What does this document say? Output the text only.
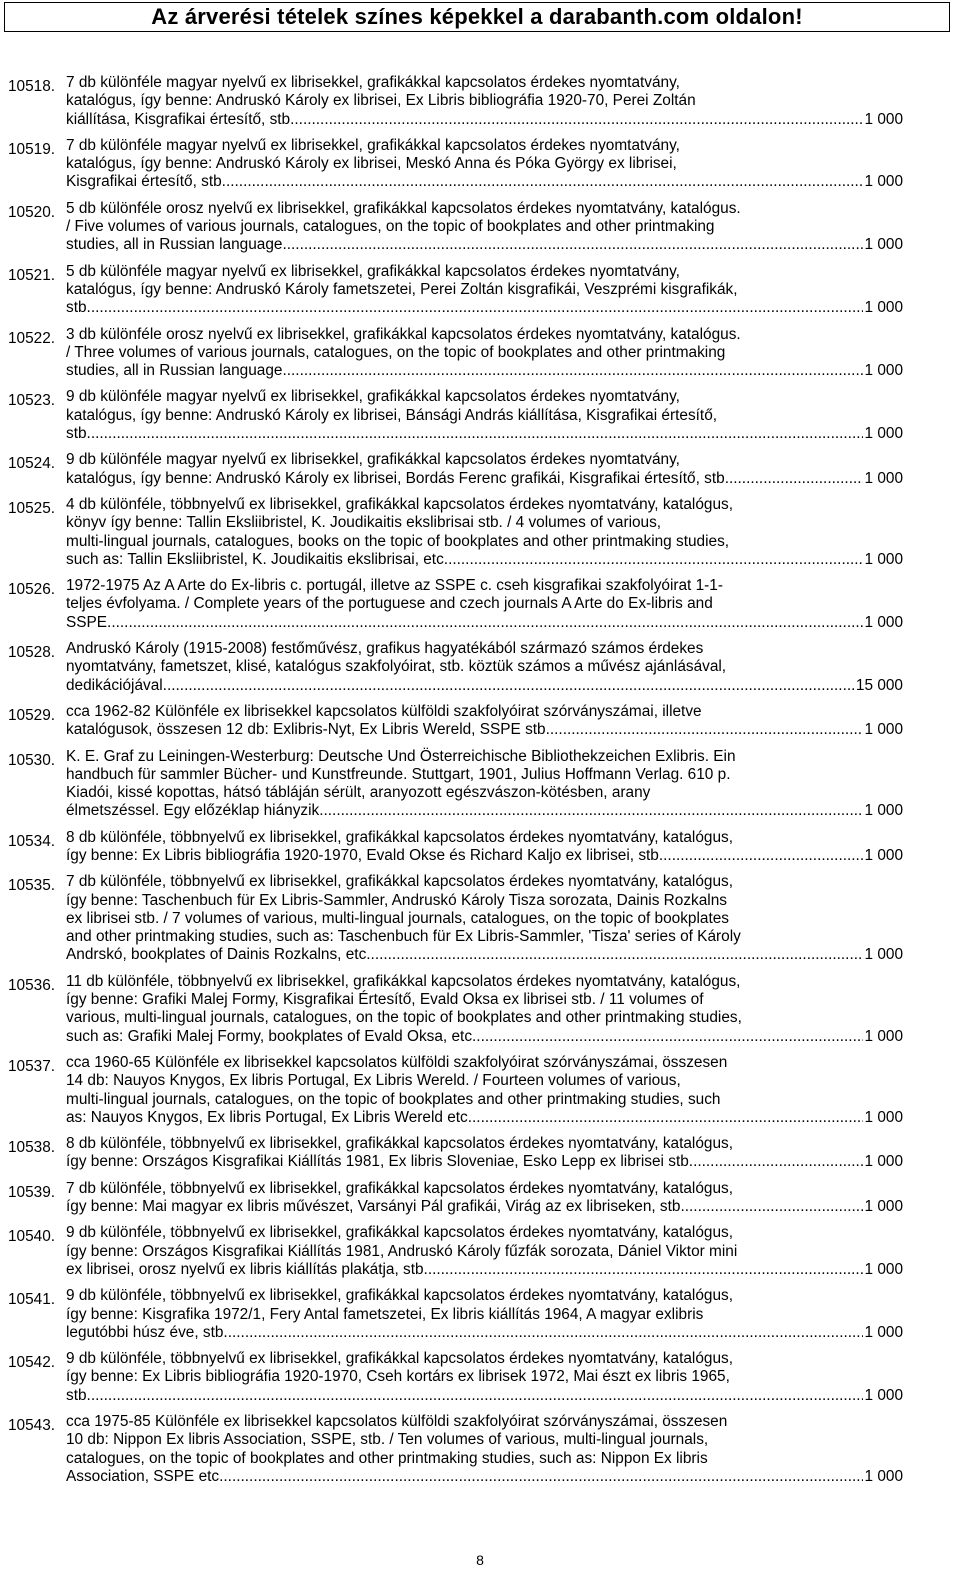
Az árverési tételek színes képekkel a darabanth.com oldalon!
10518. 7 db különféle magyar nyelvű ex librisekkel, grafikákkal kapcsolatos érdekes nyomtatvány,
katalógus, így benne: Andruskó Károly ex librisei, Ex Libris bibliográfia 1920-70, Perei Zoltán
kiállítása, Kisgrafikai értesítő, stb. .....	1 000
10519. 7 db különféle magyar nyelvű ex librisekkel, grafikákkal kapcsolatos érdekes nyomtatvány,
katalógus, így benne: Andruskó Károly ex librisei, Meskó Anna és Póka György ex librisei,
Kisgrafikai értesítő, stb. .....	1 000
10520. 5 db különféle orosz nyelvű ex librisekkel, grafikákkal kapcsolatos érdekes nyomtatvány, katalógus.
/ Five volumes of various journals, catalogues, on the topic of bookplates and other printmaking
studies, all in Russian language. .....	1 000
10521. 5 db különféle magyar nyelvű ex librisekkel, grafikákkal kapcsolatos érdekes nyomtatvány,
katalógus, így benne: Andruskó Károly fametszetei, Perei Zoltán kisgrafikái, Veszprémi kisgrafikák,
stb. .....	1 000
10522. 3 db különféle orosz nyelvű ex librisekkel, grafikákkal kapcsolatos érdekes nyomtatvány, katalógus.
/ Three volumes of various journals, catalogues, on the topic of bookplates and other printmaking
studies, all in Russian language. .....	1 000
10523. 9 db különféle magyar nyelvű ex librisekkel, grafikákkal kapcsolatos érdekes nyomtatvány,
katalógus, így benne: Andruskó Károly ex librisei, Bánsági András kiállítása, Kisgrafikai értesítő,
stb. .....	1 000
10524. 9 db különféle magyar nyelvű ex librisekkel, grafikákkal kapcsolatos érdekes nyomtatvány,
katalógus, így benne: Andruskó Károly ex librisei, Bordás Ferenc grafikái, Kisgrafikai értesítő, stb. .....	1 000
10525. 4 db különféle, többnyelvű ex librisekkel, grafikákkal kapcsolatos érdekes nyomtatvány, katalógus,
könyv így benne: Tallin Eksliibristel, K. Joudikaitis ekslibrisai stb. / 4 volumes of various,
multi-lingual journals, catalogues, books on the topic of bookplates and other printmaking studies,
such as: Tallin Eksliibristel, K. Joudikaitis ekslibrisai, etc. .....	1 000
10526. 1972-1975 Az A Arte do Ex-libris c. portugál, illetve az SSPE c. cseh kisgrafikai szakfolyóirat 1-1-
teljes évfolyama. / Complete years of the portuguese and czech journals A Arte do Ex-libris and
SSPE. .....	1 000
10528. Andruskó Károly (1915-2008) festőművész, grafikus hagyatékából származó számos érdekes
nyomtatvány, fametszet, klisé, katalógus szakfolyóirat, stb. köztük számos a művész ajánlásával,
dedikációjával. .....	15 000
10529. cca 1962-82 Különféle ex librisekkel kapcsolatos külföldi szakfolyóirat szórványszámai, illetve
katalógusok, összesen 12 db: Exlibris-Nyt, Ex Libris Wereld, SSPE stb. .....	1 000
10530. K. E. Graf zu Leiningen-Westerburg: Deutsche Und Österreichische Bibliothekzeichen Exlibris. Ein
handbuch für sammler Bücher- und Kunstfreunde. Stuttgart, 1901, Julius Hoffmann Verlag. 610 p.
Kiadói, kissé kopottas, hátsó tábláján sérült, aranyozott egészvászon-kötésben, arany
élmetszéssel. Egy előzéklap hiányzik. .....	1 000
10534. 8 db különféle, többnyelvű ex librisekkel, grafikákkal kapcsolatos érdekes nyomtatvány, katalógus,
így benne: Ex Libris bibliográfia 1920-1970, Evald Okse és Richard Kaljo ex librisei, stb. .....	1 000
10535. 7 db különféle, többnyelvű ex librisekkel, grafikákkal kapcsolatos érdekes nyomtatvány, katalógus,
így benne: Taschenbuch für Ex Libris-Sammler, Andruskó Károly Tisza sorozata, Dainis Rozkalns
ex librisei stb. / 7 volumes of various, multi-lingual journals, catalogues, on the topic of bookplates
and other printmaking studies, such as: Taschenbuch für Ex Libris-Sammler, 'Tisza' series of Károly
Andrskó, bookplates of Dainis Rozkalns, etc. .....	1 000
10536. 11 db különféle, többnyelvű ex librisekkel, grafikákkal kapcsolatos érdekes nyomtatvány, katalógus,
így benne: Grafiki Malej Formy, Kisgrafikai Értesítő, Evald Oksa ex librisei stb. / 11 volumes of
various, multi-lingual journals, catalogues, on the topic of bookplates and other printmaking studies,
such as: Grafiki Malej Formy, bookplates of Evald Oksa, etc. .....	1 000
10537. cca 1960-65 Különféle ex librisekkel kapcsolatos külföldi szakfolyóirat szórványszámai, összesen
14 db: Nauyos Knygos, Ex libris Portugal, Ex Libris Wereld. / Fourteen volumes of various,
multi-lingual journals, catalogues, on the topic of bookplates and other printmaking studies, such
as: Nauyos Knygos, Ex libris Portugal, Ex Libris Wereld etc. .....	1 000
10538. 8 db különféle, többnyelvű ex librisekkel, grafikákkal kapcsolatos érdekes nyomtatvány, katalógus,
így benne: Országos Kisgrafikai Kiállítás 1981, Ex libris Sloveniae, Esko Lepp ex librisei stb. .....	1 000
10539. 7 db különféle, többnyelvű ex librisekkel, grafikákkal kapcsolatos érdekes nyomtatvány, katalógus,
így benne: Mai magyar ex libris művészet, Varsányi Pál grafikái, Virág az ex libriseken, stb. .....	1 000
10540. 9 db különféle, többnyelvű ex librisekkel, grafikákkal kapcsolatos érdekes nyomtatvány, katalógus,
így benne: Országos Kisgrafikai Kiállítás 1981, Andruskó Károly fűzfák sorozata, Dániel Viktor mini
ex librisei, orosz nyelvű ex libris kiállítás plakátja, stb. .....	1 000
10541. 9 db különféle, többnyelvű ex librisekkel, grafikákkal kapcsolatos érdekes nyomtatvány, katalógus,
így benne: Kisgrafika 1972/1, Fery Antal fametszetei, Ex libris kiállítás 1964, A magyar exlibris
legutóbbi húsz éve, stb. .....	1 000
10542. 9 db különféle, többnyelvű ex librisekkel, grafikákkal kapcsolatos érdekes nyomtatvány, katalógus,
így benne: Ex Libris bibliográfia 1920-1970, Cseh kortárs ex librisek 1972, Mai észt ex libris 1965,
stb. .....	1 000
10543. cca 1975-85 Különféle ex librisekkel kapcsolatos külföldi szakfolyóirat szórványszámai, összesen
10 db: Nippon Ex libris Association, SSPE, stb. / Ten volumes of various, multi-lingual journals,
catalogues, on the topic of bookplates and other printmaking studies, such as: Nippon Ex libris
Association, SSPE etc. .....	1 000
8
